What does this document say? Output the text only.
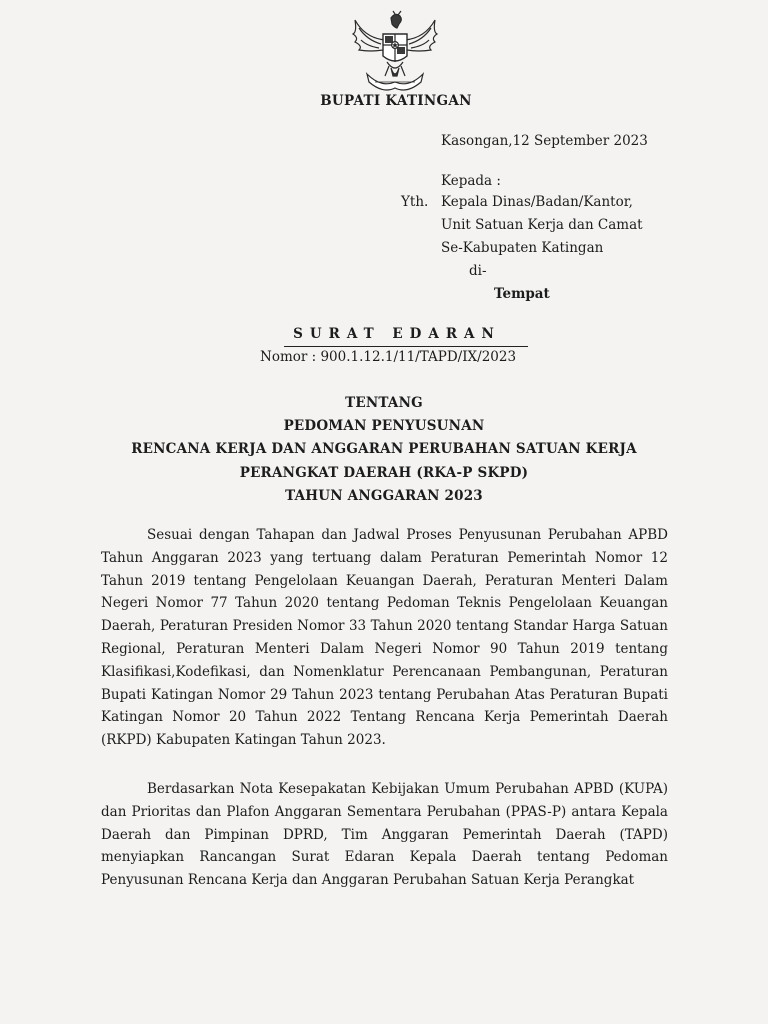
BUPATI KATINGAN
Kasongan,12 September 2023
Kepada :
Yth. Kepala Dinas/Badan/Kantor,
Unit Satuan Kerja dan Camat
Se-Kabupaten Katingan
di-
Tempat
SURAT EDARAN
Nomor : 900.1.12.1/11/TAPD/IX/2023
TENTANG
PEDOMAN PENYUSUNAN
RENCANA KERJA DAN ANGGARAN PERUBAHAN SATUAN KERJA
PERANGKAT DAERAH (RKA-P SKPD)
TAHUN ANGGARAN 2023

Sesuai dengan Tahapan dan Jadwal Proses Penyusunan Perubahan APBD Tahun Anggaran 2023 yang tertuang dalam Peraturan Pemerintah Nomor 12 Tahun 2019 tentang Pengelolaan Keuangan Daerah, Peraturan Menteri Dalam Negeri Nomor 77 Tahun 2020 tentang Pedoman Teknis Pengelolaan Keuangan Daerah, Peraturan Presiden Nomor 33 Tahun 2020 tentang Standar Harga Satuan Regional, Peraturan Menteri Dalam Negeri Nomor 90 Tahun 2019 tentang Klasifikasi,Kodefikasi, dan Nomenklatur Perencanaan Pembangunan, Peraturan Bupati Katingan Nomor 29 Tahun 2023 tentang Perubahan Atas Peraturan Bupati Katingan Nomor 20 Tahun 2022 Tentang Rencana Kerja Pemerintah Daerah (RKPD) Kabupaten Katingan Tahun 2023.

Berdasarkan Nota Kesepakatan Kebijakan Umum Perubahan APBD (KUPA) dan Prioritas dan Plafon Anggaran Sementara Perubahan (PPAS-P) antara Kepala Daerah dan Pimpinan DPRD, Tim Anggaran Pemerintah Daerah (TAPD) menyiapkan Rancangan Surat Edaran Kepala Daerah tentang Pedoman Penyusunan Rencana Kerja dan Anggaran Perubahan Satuan Kerja Perangkat
